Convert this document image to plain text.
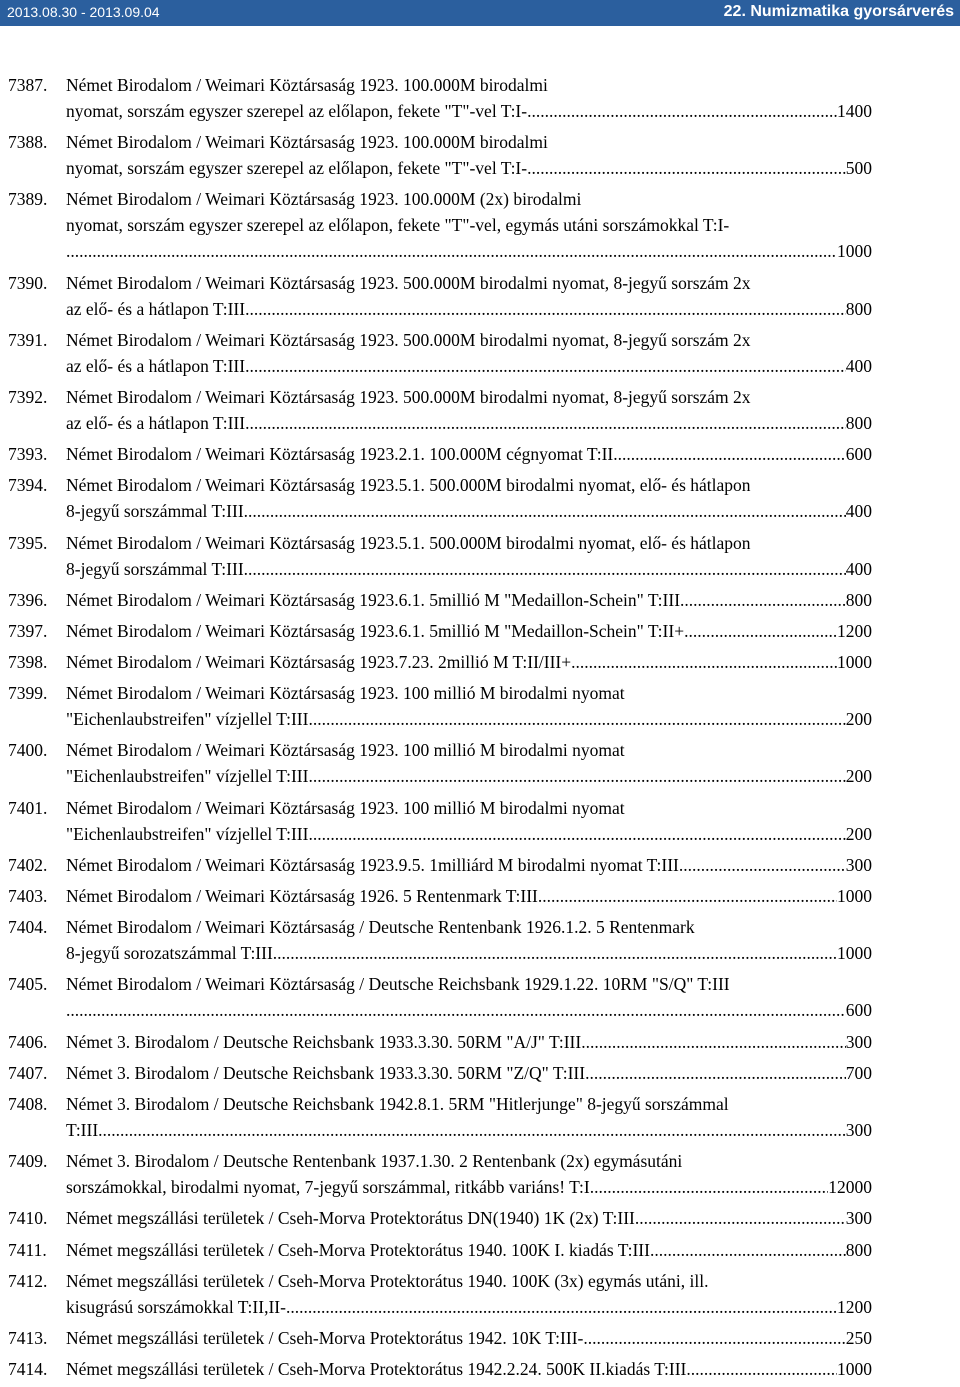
2013.08.30 - 2013.09.04	22. Numizmatika gyorsárverés
7387.	Német Birodalom / Weimari Köztársaság 1923. 100.000M birodalmi
nyomat, sorszám egyszer szerepel az előlapon, fekete "T"-vel T:I- .....	1400
7388.	Német Birodalom / Weimari Köztársaság 1923. 100.000M birodalmi
nyomat, sorszám egyszer szerepel az előlapon, fekete "T"-vel T:I- .....	500
7389.	Német Birodalom / Weimari Köztársaság 1923. 100.000M (2x) birodalmi
nyomat, sorszám egyszer szerepel az előlapon, fekete "T"-vel, egymás utáni sorszámokkal T:I-
.....
1000
7390.	Német Birodalom / Weimari Köztársaság 1923. 500.000M birodalmi nyomat, 8-jegyű sorszám 2x
az elő- és a hátlapon T:III .....	800
7391.	Német Birodalom / Weimari Köztársaság 1923. 500.000M birodalmi nyomat, 8-jegyű sorszám 2x
az elő- és a hátlapon T:III .....	400
7392.	Német Birodalom / Weimari Köztársaság 1923. 500.000M birodalmi nyomat, 8-jegyű sorszám 2x
az elő- és a hátlapon T:III .....	800
7393.	Német Birodalom / Weimari Köztársaság 1923.2.1. 100.000M cégnyomat T:II .....	600
7394.	Német Birodalom / Weimari Köztársaság 1923.5.1. 500.000M birodalmi nyomat, elő- és hátlapon
8-jegyű sorszámmal T:III .....	400
7395.	Német Birodalom / Weimari Köztársaság 1923.5.1. 500.000M birodalmi nyomat, elő- és hátlapon
8-jegyű sorszámmal T:III .....	400
7396.	Német Birodalom / Weimari Köztársaság 1923.6.1. 5millió M "Medaillon-Schein" T:III .....	800
7397.	Német Birodalom / Weimari Köztársaság 1923.6.1. 5millió M "Medaillon-Schein" T:II+ .....	1200
7398.	Német Birodalom / Weimari Köztársaság 1923.7.23. 2millió M T:II/III+ .....	1000
7399.	Német Birodalom / Weimari Köztársaság 1923. 100 millió M birodalmi nyomat
"Eichenlaubstreifen" vízjellel T:III .....	200
7400.	Német Birodalom / Weimari Köztársaság 1923. 100 millió M birodalmi nyomat
"Eichenlaubstreifen" vízjellel T:III .....	200
7401.	Német Birodalom / Weimari Köztársaság 1923. 100 millió M birodalmi nyomat
"Eichenlaubstreifen" vízjellel T:III .....	200
7402.	Német Birodalom / Weimari Köztársaság 1923.9.5. 1milliárd M birodalmi nyomat T:III .....	300
7403.	Német Birodalom / Weimari Köztársaság 1926. 5 Rentenmark T:III .....	1000
7404.	Német Birodalom / Weimari Köztársaság / Deutsche Rentenbank 1926.1.2. 5 Rentenmark
8-jegyű sorozatszámmal T:III .....	1000
7405.	Német Birodalom / Weimari Köztársaság / Deutsche Reichsbank 1929.1.22. 10RM "S/Q" T:III
.....
600
7406.	Német 3. Birodalom / Deutsche Reichsbank 1933.3.30. 50RM "A/J" T:III .....	300
7407.	Német 3. Birodalom / Deutsche Reichsbank 1933.3.30. 50RM "Z/Q" T:III .....	700
7408.	Német 3. Birodalom / Deutsche Reichsbank 1942.8.1. 5RM "Hitlerjunge" 8-jegyű sorszámmal
T:III .....	300
7409.	Német 3. Birodalom / Deutsche Rentenbank 1937.1.30. 2 Rentenbank (2x) egymásutáni
sorszámokkal, birodalmi nyomat, 7-jegyű sorszámmal, ritkább variáns! T:I .....	12000
7410.	Német megszállási területek / Cseh-Morva Protektorátus DN(1940) 1K (2x) T:III .....	300
7411.	Német megszállási területek / Cseh-Morva Protektorátus 1940. 100K I. kiadás T:III .....	800
7412.	Német megszállási területek / Cseh-Morva Protektorátus 1940. 100K (3x) egymás utáni, ill.
kisugrású sorszámokkal T:II,II- .....	1200
7413.	Német megszállási területek / Cseh-Morva Protektorátus 1942. 10K T:III- .....	250
7414.	Német megszállási területek / Cseh-Morva Protektorátus 1942.2.24. 500K II.kiadás T:III .....	1000
